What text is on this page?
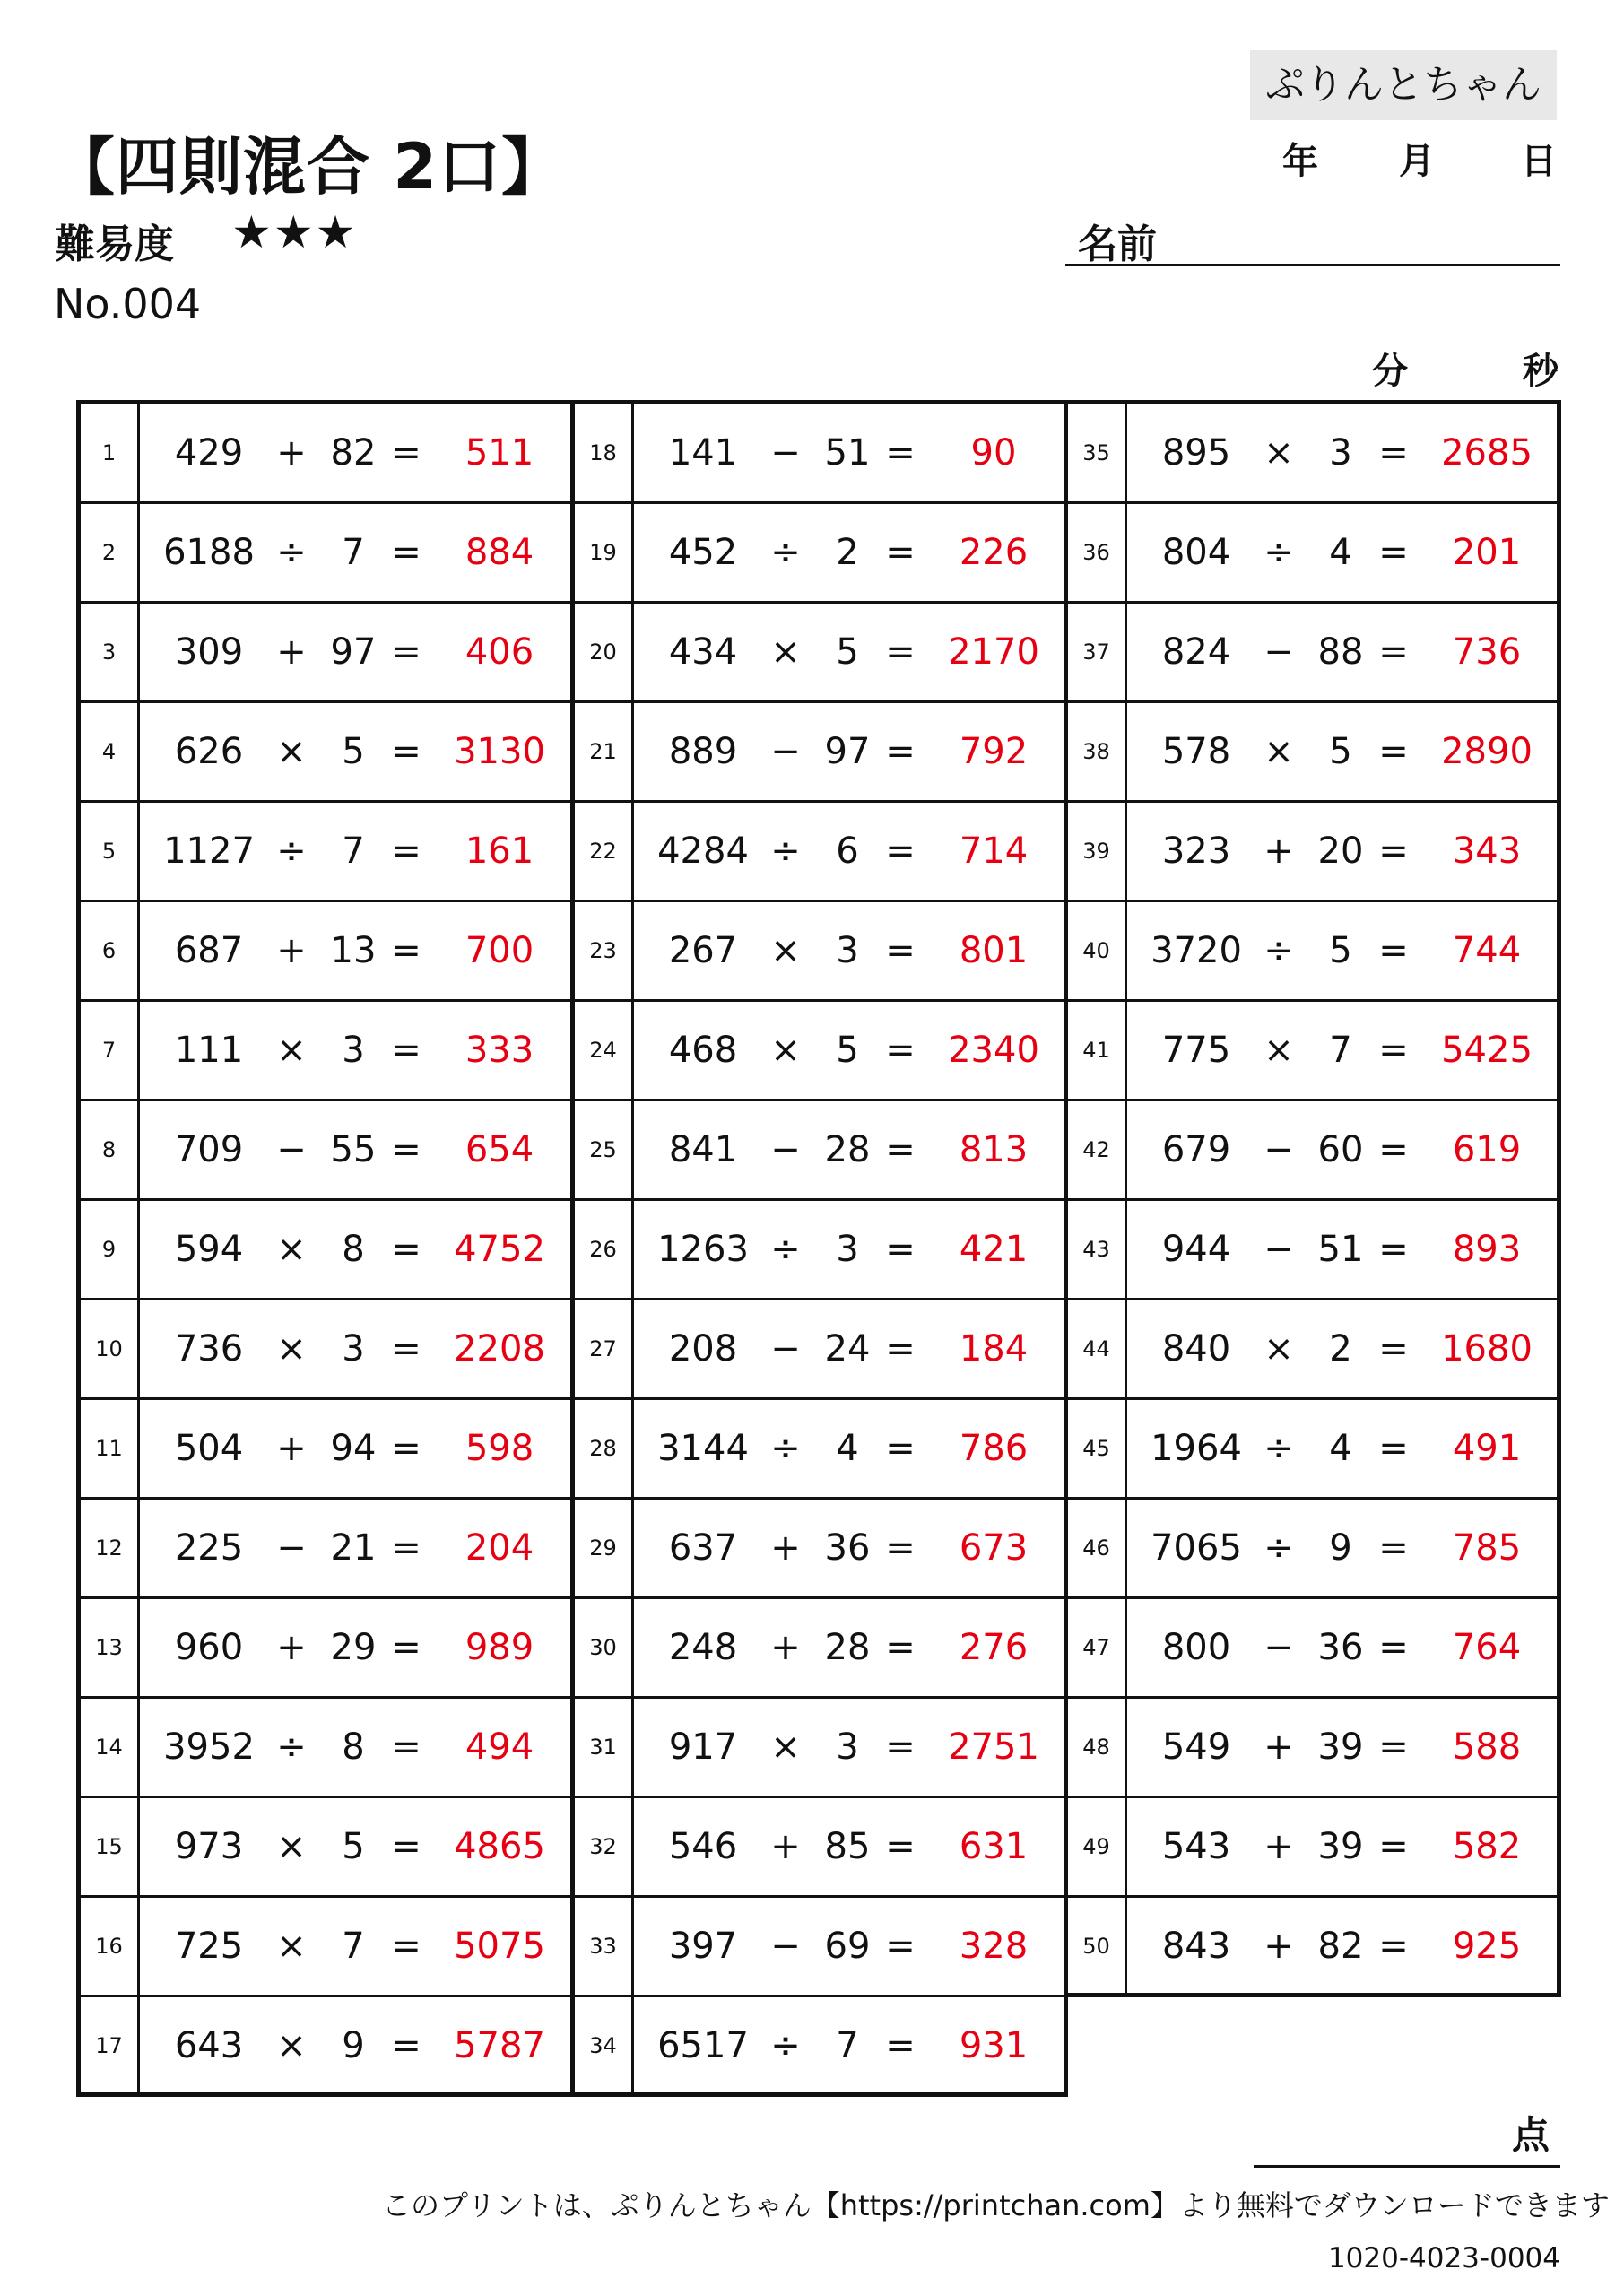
ぷりんとちゃん
【四則混合 2口】	年 月 日
難易度 ★★★	名前
No.004
分	秒
1	429 + 82 =	511
2	6188 ÷ 7 =	884
3	309 + 97 =	406
4	626 × 5 = 3130
5	1127 ÷ 7 =	161
6	687 + 13 =	700
7	111 × 3 =	333
8	709 − 55 =	654
9	594 × 8 = 4752
10	736 × 3 = 2208
11	504 + 94 =	598
12	225 − 21 =	204
13	960 + 29 =	989
14	3952 ÷ 8 =	494
15	973 × 5 = 4865
16	725 × 7 = 5075
17	643 × 9 = 5787
18	141 − 51 =	90
19	452 ÷ 2 =	226
20	434 × 5 = 2170
21	889 − 97 =	792
22	4284 ÷ 6 =	714
23	267 × 3 =	801
24	468 × 5 = 2340
25	841 − 28 =	813
26	1263 ÷ 3 =	421
27	208 − 24 =	184
28	3144 ÷ 4 =	786
29	637 + 36 =	673
30	248 + 28 =	276
31	917 × 3 = 2751
32	546 + 85 =	631
33	397 − 69 =	328
34	6517 ÷ 7 =	931
35	895 × 3 = 2685
36	804 ÷ 4 =	201
37	824 − 88 =	736
38	578 × 5 = 2890
39	323 + 20 =	343
40	3720 ÷ 5 =	744
41	775 × 7 = 5425
42	679 − 60 =	619
43	944 − 51 =	893
44	840 × 2 = 1680
45	1964 ÷ 4 =	491
46	7065 ÷ 9 =	785
47	800 − 36 =	764
48	549 + 39 =	588
49	543 + 39 =	582
50	843 + 82 =	925
点
このプリントは、ぷりんとちゃん【https://printchan.com】より無料でダウンロードできます
1020-4023-0004
